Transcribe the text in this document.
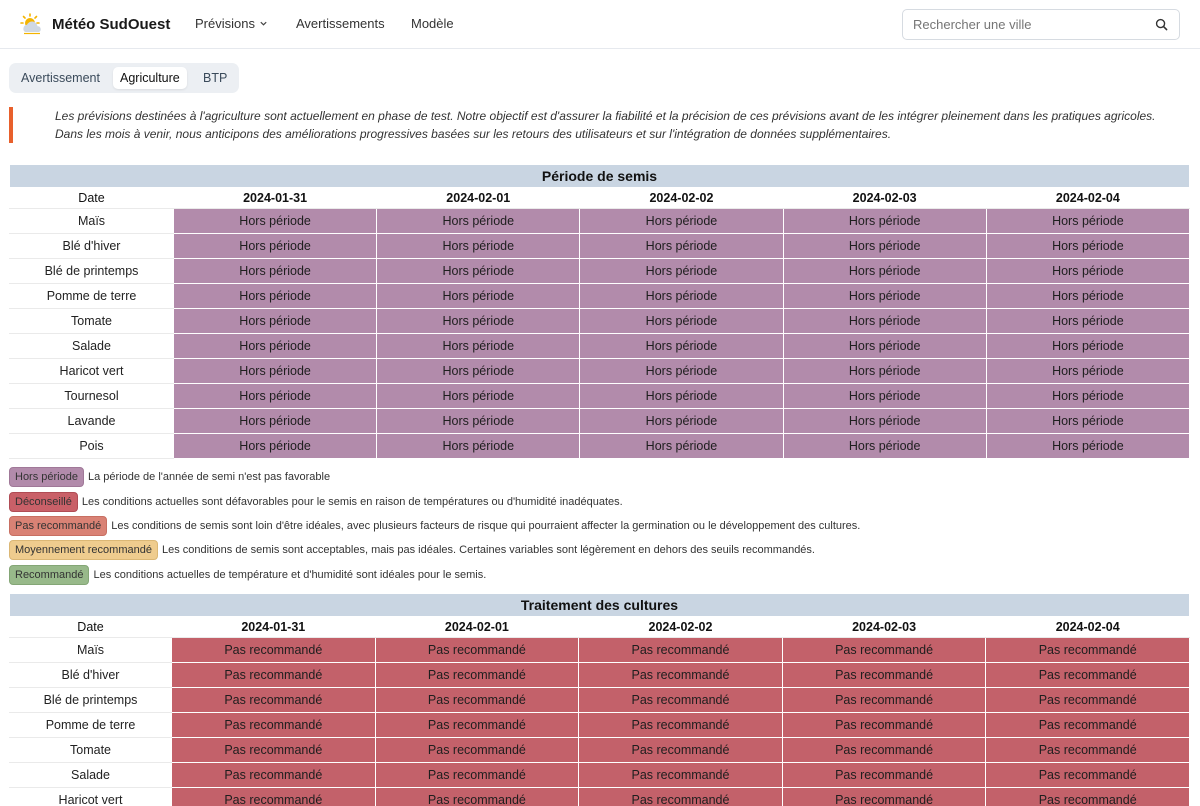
Météo SudOuest Prévisions	Avertissements Modèle
Rechercher une ville
Avertissement	Agriculture	BTP

Les prévisions destinées à l'agriculture sont actuellement en phase de test. Notre objectif est d'assurer la fiabilité et la précision de ces prévisions avant de les intégrer pleinement dans les pratiques agricoles. Dans les mois à venir, nous anticipons des améliorations progressives basées sur les retours des utilisateurs et sur l'intégration de données supplémentaires.

Période de semis					
Date	2024-01-31	2024-02-01	2024-02-02	2024-02-03	2024-02-04
Maïs	Hors période	Hors période	Hors période	Hors période	Hors période
Blé d'hiver	Hors période	Hors période	Hors période	Hors période	Hors période
Blé de printemps	Hors période	Hors période	Hors période	Hors période	Hors période
Pomme de terre	Hors période	Hors période	Hors période	Hors période	Hors période
Tomate	Hors période	Hors période	Hors période	Hors période	Hors période
Salade	Hors période	Hors période	Hors période	Hors période	Hors période
Haricot vert	Hors période	Hors période	Hors période	Hors période	Hors période
Tournesol	Hors période	Hors période	Hors période	Hors période	Hors période
Lavande	Hors période	Hors période	Hors période	Hors période	Hors période
Pois	Hors période	Hors période	Hors période	Hors période	Hors période
Hors période La période de l'année de semi n'est pas favorable
Déconseillé Les conditions actuelles sont défavorables pour le semis en raison de températures ou d'humidité inadéquates.
Pas recommandé Les conditions de semis sont loin d'être idéales, avec plusieurs facteurs de risque qui pourraient affecter la germination ou le développement des cultures.
Moyennement recommandé Les conditions de semis sont acceptables, mais pas idéales. Certaines variables sont légèrement en dehors des seuils recommandés.
Recommandé Les conditions actuelles de température et d'humidité sont idéales pour le semis.
Traitement des cultures					
Date	2024-01-31	2024-02-01	2024-02-02	2024-02-03	2024-02-04
Maïs	Pas recommandé	Pas recommandé	Pas recommandé	Pas recommandé	Pas recommandé
Blé d'hiver	Pas recommandé	Pas recommandé	Pas recommandé	Pas recommandé	Pas recommandé
Blé de printemps	Pas recommandé	Pas recommandé	Pas recommandé	Pas recommandé	Pas recommandé
Pomme de terre	Pas recommandé	Pas recommandé	Pas recommandé	Pas recommandé	Pas recommandé
Tomate	Pas recommandé	Pas recommandé	Pas recommandé	Pas recommandé	Pas recommandé
Salade	Pas recommandé	Pas recommandé	Pas recommandé	Pas recommandé	Pas recommandé
Haricot vert	Pas recommandé	Pas recommandé	Pas recommandé	Pas recommandé	Pas recommandé
